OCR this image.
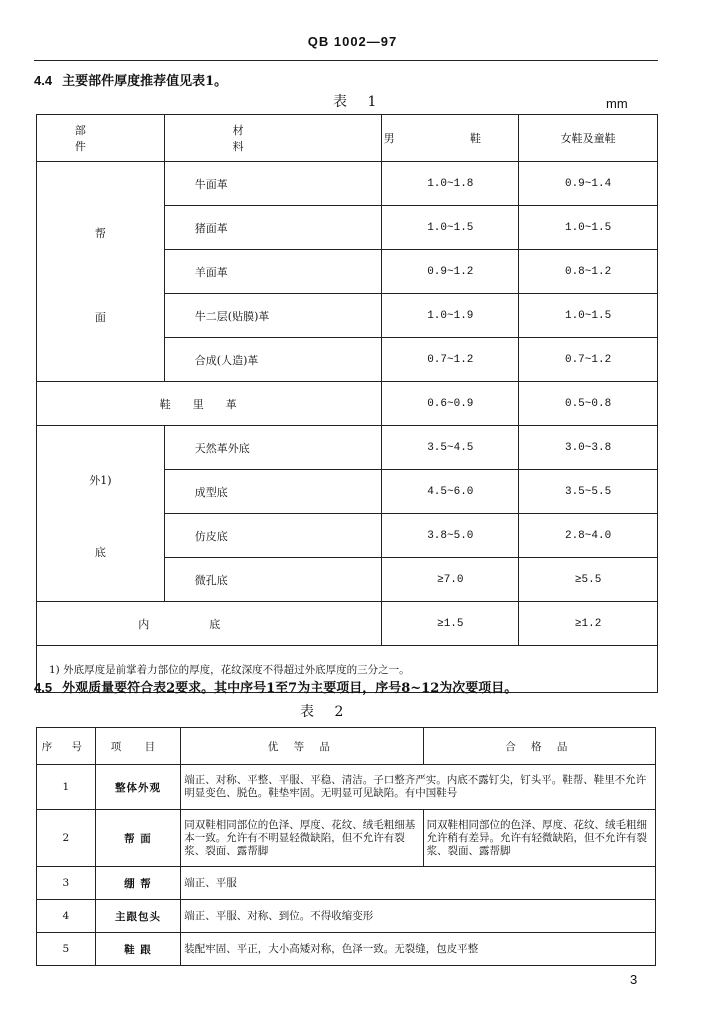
QB 1002—97
4.4 主要部件厚度推荐值见表1。
表 1	mm
部 件	材 料	男 鞋	女鞋及童鞋

帮
面	牛面革	1.0~1.8	0.9~1.4
	猪面革	1.0~1.5	1.0~1.5
	羊面革	0.9~1.2	0.8~1.2
	牛二层(贴膜)革	1.0~1.9	1.0~1.5
	合成(人造)革	0.7~1.2	0.7~1.2
鞋里革		0.6~0.9	0.5~0.8

外1)
底	天然革外底	3.5~4.5	3.0~3.8
	成型底	4.5~6.0	3.5~5.5
	仿皮底	3.8~5.0	2.8~4.0
	微孔底	≥7.0	≥5.5
内底		≥1.5	≥1.2
1) 外底厚度是前掌着力部位的厚度，花纹深度不得超过外底厚度的三分之一。			
4.5 外观质量要符合表2要求。其中序号1至7为主要项目，序号8~12为次要项目。
表 2
序 号	项 目	优 等 品	合 格 品
1	整体外观	端正、对称、平整、平服、平稳、清洁。子口整齐严实。内底不露钉尖，钉头平。鞋帮、鞋里不允许明显变色、脱色。鞋垫牢固。无明显可见缺陷。有中国鞋号	
2	帮 面	同双鞋相同部位的色泽、厚度、花纹、绒毛粗细基本一致。允许有不明显轻微缺陷，但不允许有裂浆、裂面、露帮脚	同双鞋相同部位的色泽、厚度、花纹、绒毛粗细允许稍有差异。允许有轻微缺陷，但不允许有裂浆、裂面、露帮脚
3	绷 帮	端正、平服	
4	主跟包头	端正、平服、对称、到位。不得收缩变形	
5	鞋 跟	装配牢固、平正，大小高矮对称，色泽一致。无裂缝，包皮平整	
3
